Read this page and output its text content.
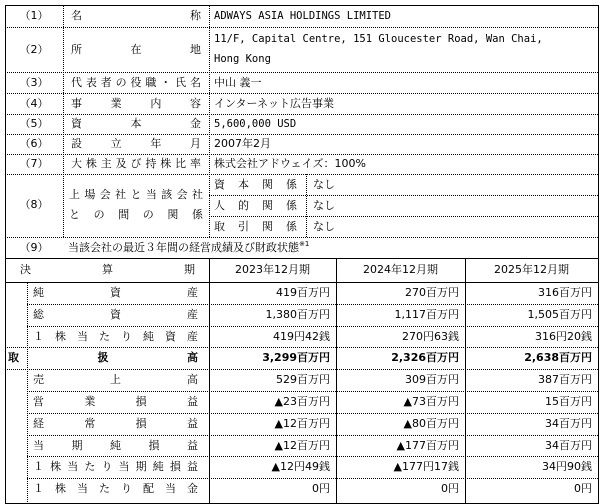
（1）	名	称 ADWAYS ASIA HOLDINGS LIMITED
（2）	所	在	地
11/F, Capital Centre, 151 Gloucester Road, Wan Chai,
Hong Kong
（3）	代 表 者 の 役 職 ・ 氏 名 中山 義一
（4）	事	業	内	容 インターネット広告事業
（5）	資	本	金 5,600,000 USD
（6）	設	立	年	月 2007年2月
（7）	大 株 主 及 び 持 株 比 率 株式会社アドウェイズ：100%
（8）
上 場 会 社 と 当 該 会 社
と の 間 の 関 係
資 本 関 係 なし
人 的 関 係 なし
取 引 関 係 なし
（9）	当該会社の最近３年間の経営成績及び財政状態$^{※1}$
決	算	期	2023年12月期	2024年12月期	2025年12月期
純	資	産	419百万円	270百万円	316百万円
総	資	産	1,380百万円	1,117百万円	1,505百万円
１ 株 当 た り 純 資 産	419円42銭	270円63銭	316円20銭
取	扱	高	3,299百万円	2,326百万円	2,638百万円
売	上	高	529百万円	309百万円	387百万円
営	業	損	益	▲23百万円	▲73百万円	15百万円
経	常	損	益	▲12百万円	▲80百万円	34百万円
当	期	純	損	益	▲12百万円	▲177百万円	34百万円
１ 株 当 た り 当 期 純 損 益	▲12円49銭	▲177円17銭	34円90銭
１ 株 当 た り 配 当 金	0円	0円	0円
